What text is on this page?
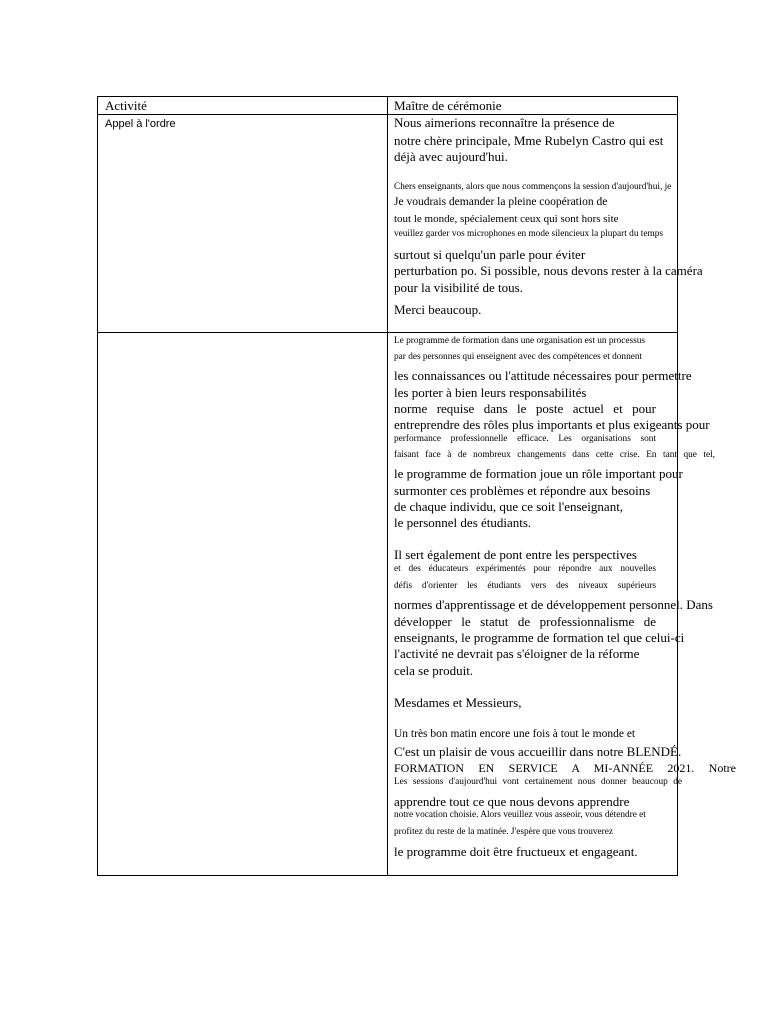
Activité	Maître de cérémonie
Appel à l'ordre	Nous aimerions reconnaître la présence de
notre chère principale, Mme Rubelyn Castro qui est
déjà avec aujourd'hui.
Chers enseignants, alors que nous commençons la session d'aujourd'hui, je
Je voudrais demander la pleine coopération de
tout le monde, spécialement ceux qui sont hors site
veuillez garder vos microphones en mode silencieux la plupart du temps
surtout si quelqu'un parle pour éviter
perturbation po. Si possible, nous devons rester à la caméra
pour la visibilité de tous.
Merci beaucoup.
Le programme de formation dans une organisation est un processus
par des personnes qui enseignent avec des compétences et donnent
les connaissances ou l'attitude nécessaires pour permettre
les porter à bien leurs responsabilités
norme requise dans le poste actuel et pour
entreprendre des rôles plus importants et plus exigeants pour
performance professionnelle efficace. Les organisations sont
faisant face à de nombreux changements dans cette crise. En tant que tel,
le programme de formation joue un rôle important pour
surmonter ces problèmes et répondre aux besoins
de chaque individu, que ce soit l'enseignant,
le personnel des étudiants.
Il sert également de pont entre les perspectives
et des éducateurs expérimentés pour répondre aux nouvelles
défis d'orienter les étudiants vers des niveaux supérieurs
normes d'apprentissage et de développement personnel. Dans
développer le statut de professionnalisme de
enseignants, le programme de formation tel que celui-ci
l'activité ne devrait pas s'éloigner de la réforme
cela se produit.
Mesdames et Messieurs,
Un très bon matin encore une fois à tout le monde et
C'est un plaisir de vous accueillir dans notre BLENDÉ.
FORMATION EN SERVICE A MI-ANNÉE 2021. Notre
Les sessions d'aujourd'hui vont certainement nous donner beaucoup de
apprendre tout ce que nous devons apprendre
notre vocation choisie. Alors veuillez vous asseoir, vous détendre et
profitez du reste de la matinée. J'espère que vous trouverez
le programme doit être fructueux et engageant.
